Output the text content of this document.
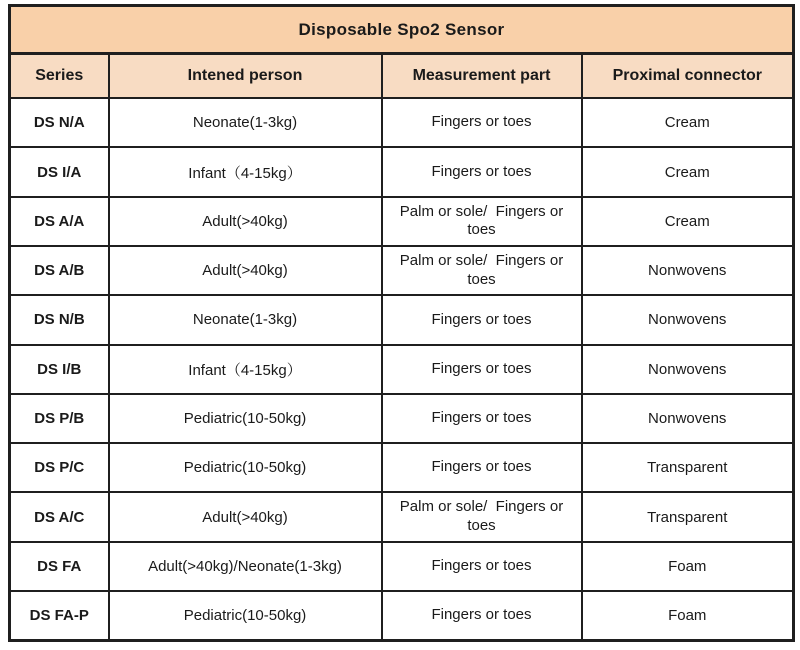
Disposable Spo2 Sensor			
Series	Intened person	Measurement part	Proximal connector
DS N/A	Neonate(1-3kg)	Fingers or toes	Cream
DS I/A	Infant（4-15kg）	Fingers or toes	Cream
DS A/A	Adult(>40kg)	Palm or sole/  Fingers or toes	Cream
DS A/B	Adult(>40kg)	Palm or sole/  Fingers or toes	Nonwovens
DS N/B	Neonate(1-3kg)	Fingers or toes	Nonwovens
DS I/B	Infant（4-15kg）	Fingers or toes	Nonwovens
DS P/B	Pediatric(10-50kg)	Fingers or toes	Nonwovens
DS P/C	Pediatric(10-50kg)	Fingers or toes	Transparent
DS A/C	Adult(>40kg)	Palm or sole/  Fingers or toes	Transparent
DS FA	Adult(>40kg)/Neonate(1-3kg)	Fingers or toes	Foam
DS FA-P	Pediatric(10-50kg)	Fingers or toes	Foam
